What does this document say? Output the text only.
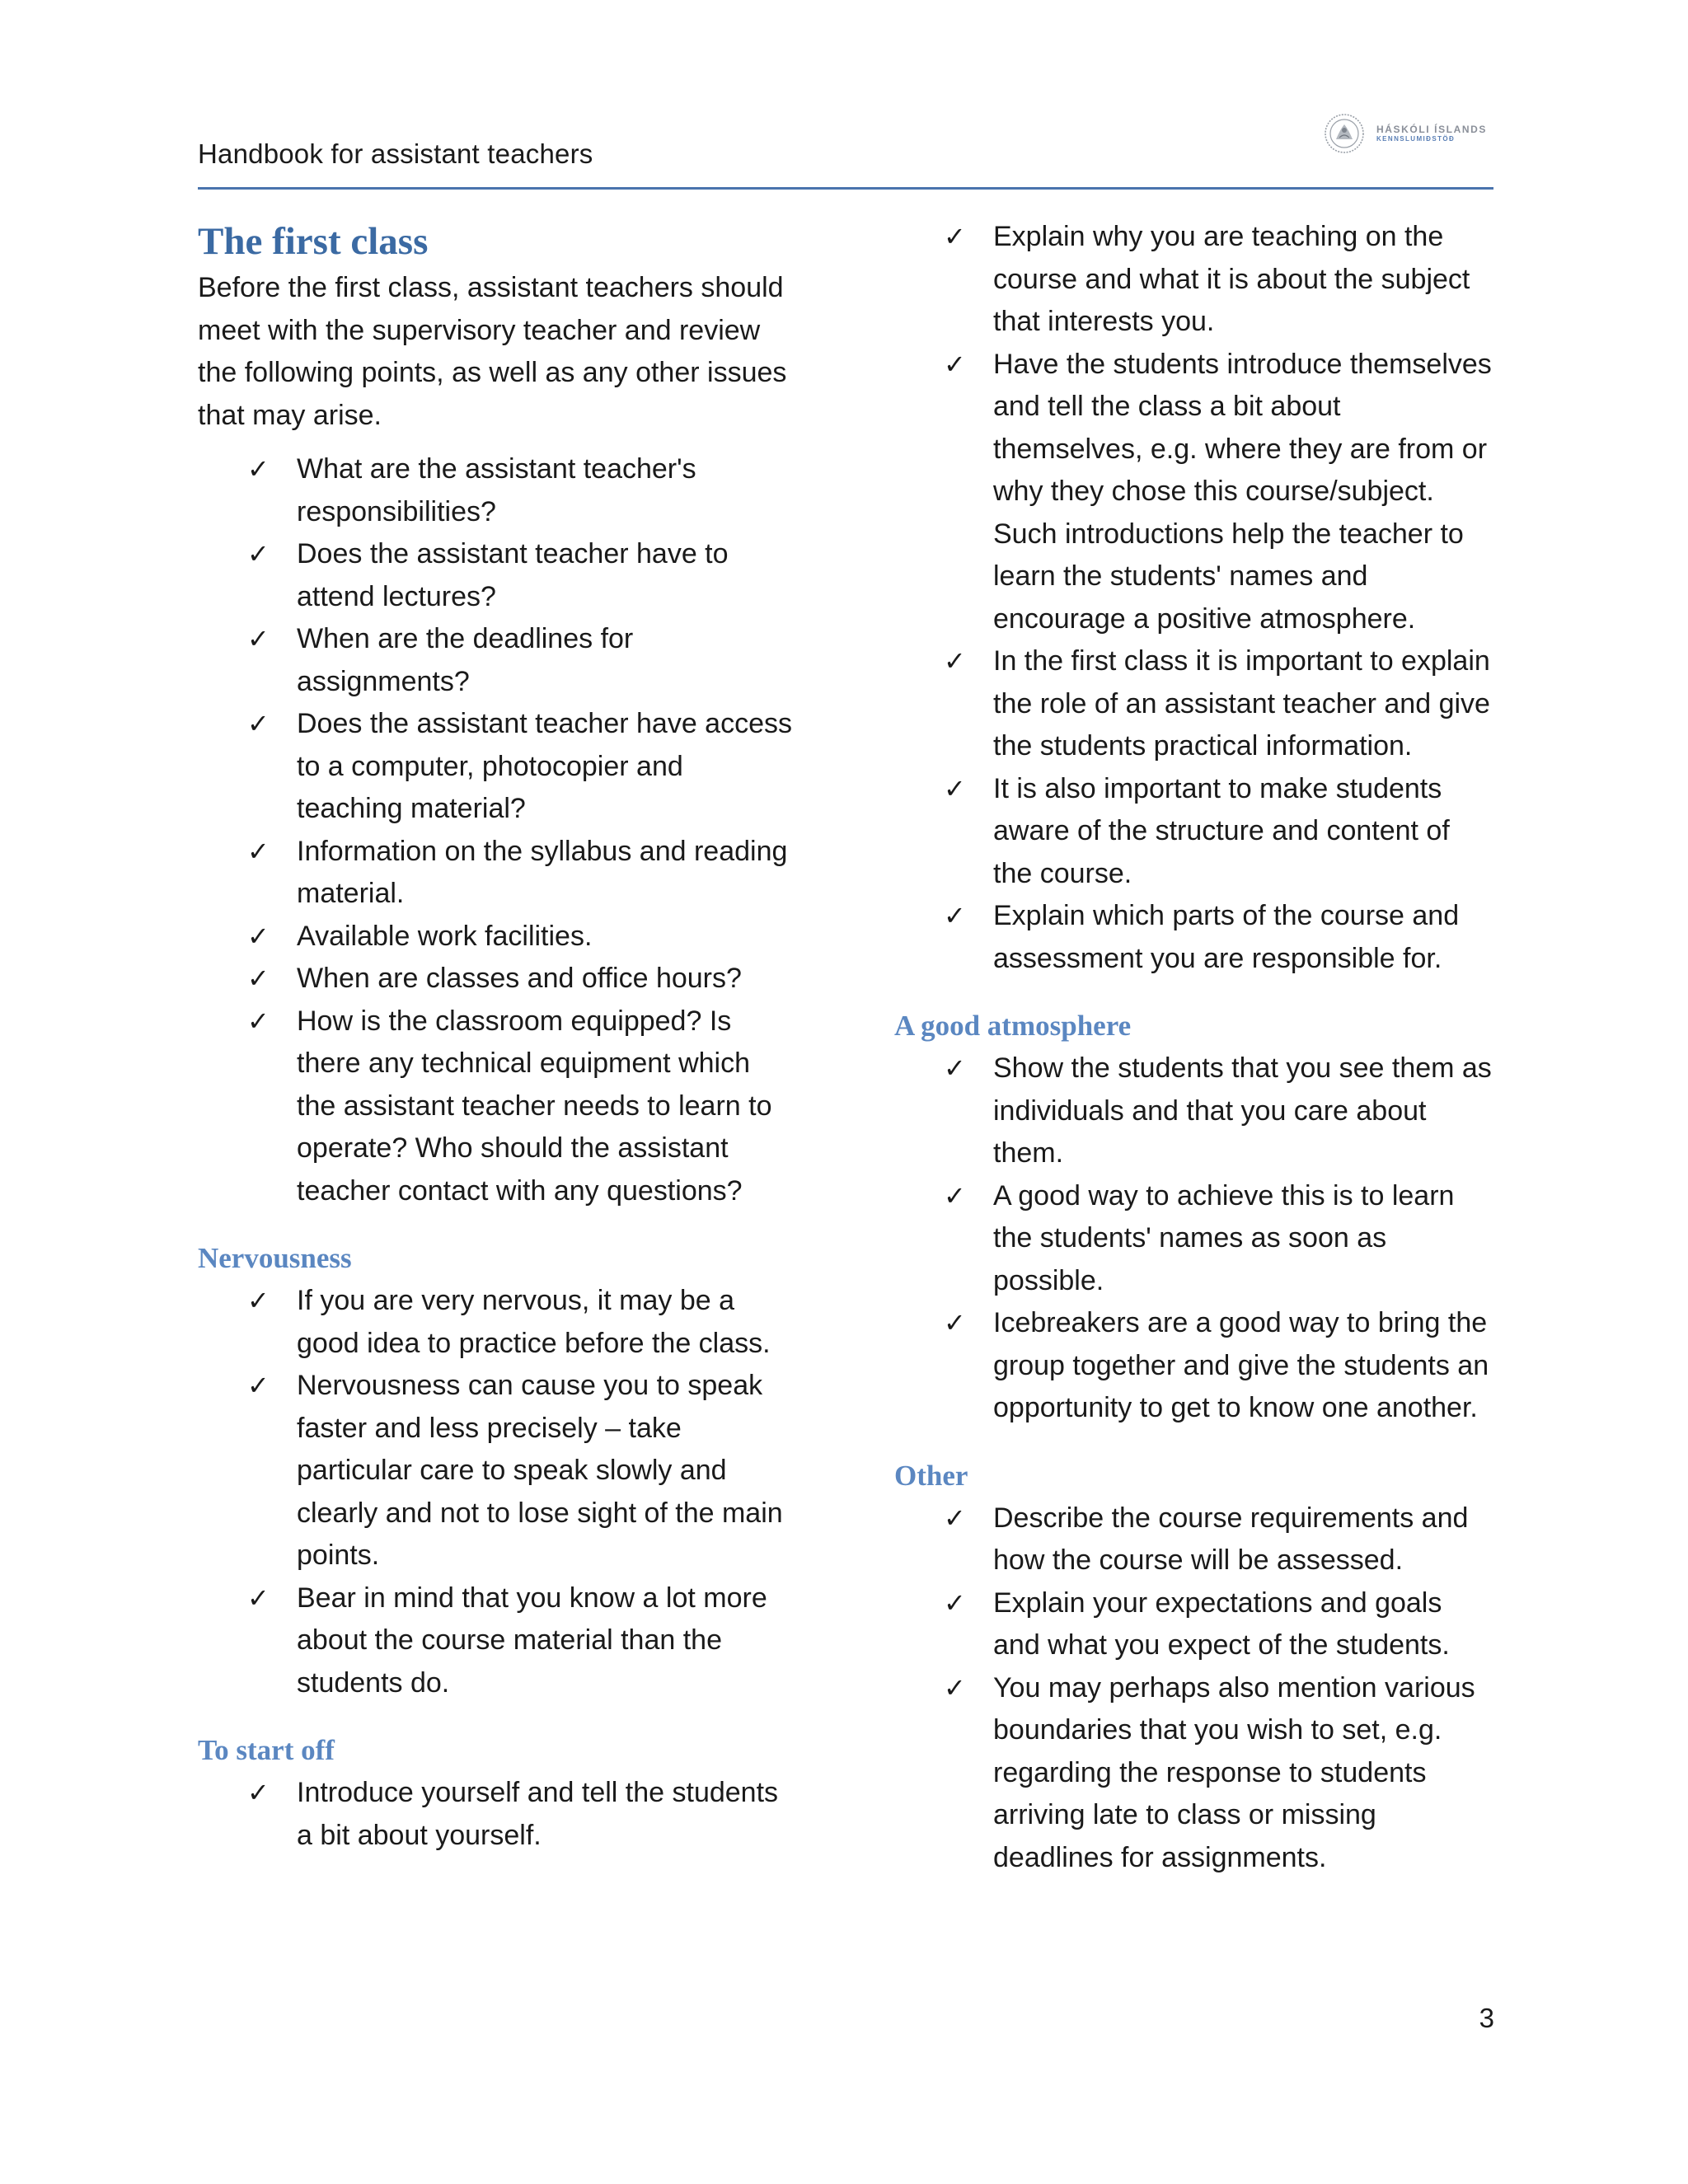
Handbook for assistant teachers
HÁSKÓLI ÍSLANDS
KENNSLUMIÐSTÖÐ
The first class

Before the first class, assistant teachers should meet with the supervisory teacher and review the following points, as well as any other issues that may arise.

✓ What are the assistant teacher's responsibilities?
✓ Does the assistant teacher have to attend lectures?
✓ When are the deadlines for assignments?
✓ Does the assistant teacher have access to a computer, photocopier and teaching material?
✓ Information on the syllabus and reading material.
✓ Available work facilities.
✓ When are classes and office hours?
✓ How is the classroom equipped? Is there any technical equipment which the assistant teacher needs to learn to operate? Who should the assistant teacher contact with any questions?
Nervousness
✓ If you are very nervous, it may be a good idea to practice before the class.
✓ Nervousness can cause you to speak faster and less precisely – take particular care to speak slowly and clearly and not to lose sight of the main points.
✓ Bear in mind that you know a lot more about the course material than the students do.
To start off
✓ Introduce yourself and tell the students a bit about yourself.
✓ Explain why you are teaching on the course and what it is about the subject that interests you.
✓ Have the students introduce themselves and tell the class a bit about themselves, e.g. where they are from or why they chose this course/subject. Such introductions help the teacher to learn the students' names and encourage a positive atmosphere.
✓ In the first class it is important to explain the role of an assistant teacher and give the students practical information.
✓ It is also important to make students aware of the structure and content of the course.
✓ Explain which parts of the course and assessment you are responsible for.
A good atmosphere
✓ Show the students that you see them as individuals and that you care about them.
✓ A good way to achieve this is to learn the students' names as soon as possible.
✓ Icebreakers are a good way to bring the group together and give the students an opportunity to get to know one another.
Other
✓ Describe the course requirements and how the course will be assessed.
✓ Explain your expectations and goals and what you expect of the students.
✓ You may perhaps also mention various boundaries that you wish to set, e.g. regarding the response to students arriving late to class or missing deadlines for assignments.
3
